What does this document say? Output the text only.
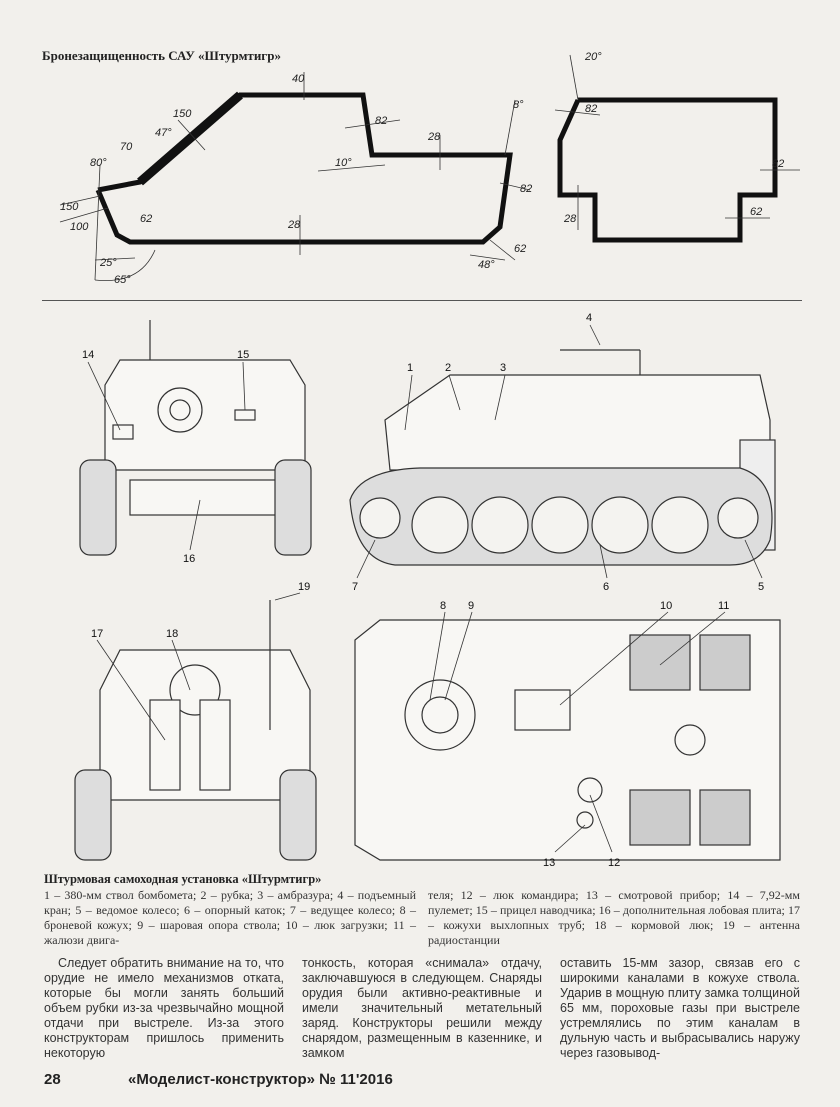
Бронезащищенность САУ «Штурмтигр»
150
70
80°
47°
150
100
62
25°
65°
40
82
28
10°
28
8°
82
62
48°
20°
82
82
28
62
1	2	3
4
5
6
7
8 9	10	11
12
13
14	15
16
17	18
19
Штурмовая самоходная установка «Штурмтигр»
1 – 380-мм ствол бомбомета; 2 – рубка; 3 – амбразура; 4 – подъемный кран; 5 – ведомое колесо; 6 – опорный каток; 7 – ведущее колесо; 8 – броневой кожух; 9 – шаровая опора ствола; 10 – люк загрузки; 11 – жалюзи двига-
теля; 12 – люк командира; 13 – смотровой прибор; 14 – 7,92-мм пулемет; 15 – прицел наводчика; 16 – дополнительная лобовая плита; 17 – кожухи выхлопных труб; 18 – кормовой люк; 19 – антенна радиостанции
Следует обратить внимание на то, что орудие не имело механизмов отката, которые бы могли занять больший объем рубки из-за чрезвычайно мощной отдачи при выстреле. Из-за этого конструкторам пришлось применить некоторую
тонкость, которая «снимала» отдачу, заключавшуюся в следующем. Снаряды орудия были активно-реактивные и имели значительный метательный заряд. Конструкторы решили между снарядом, размещенным в казеннике, и замком
оставить 15-мм зазор, связав его с широкими каналами в кожухе ствола. Ударив в мощную плиту замка толщиной 65 мм, пороховые газы при выстреле устремлялись по этим каналам в дульную часть и выбрасывались наружу через газовывод-
28	«Моделист-конструктор» № 11'2016
